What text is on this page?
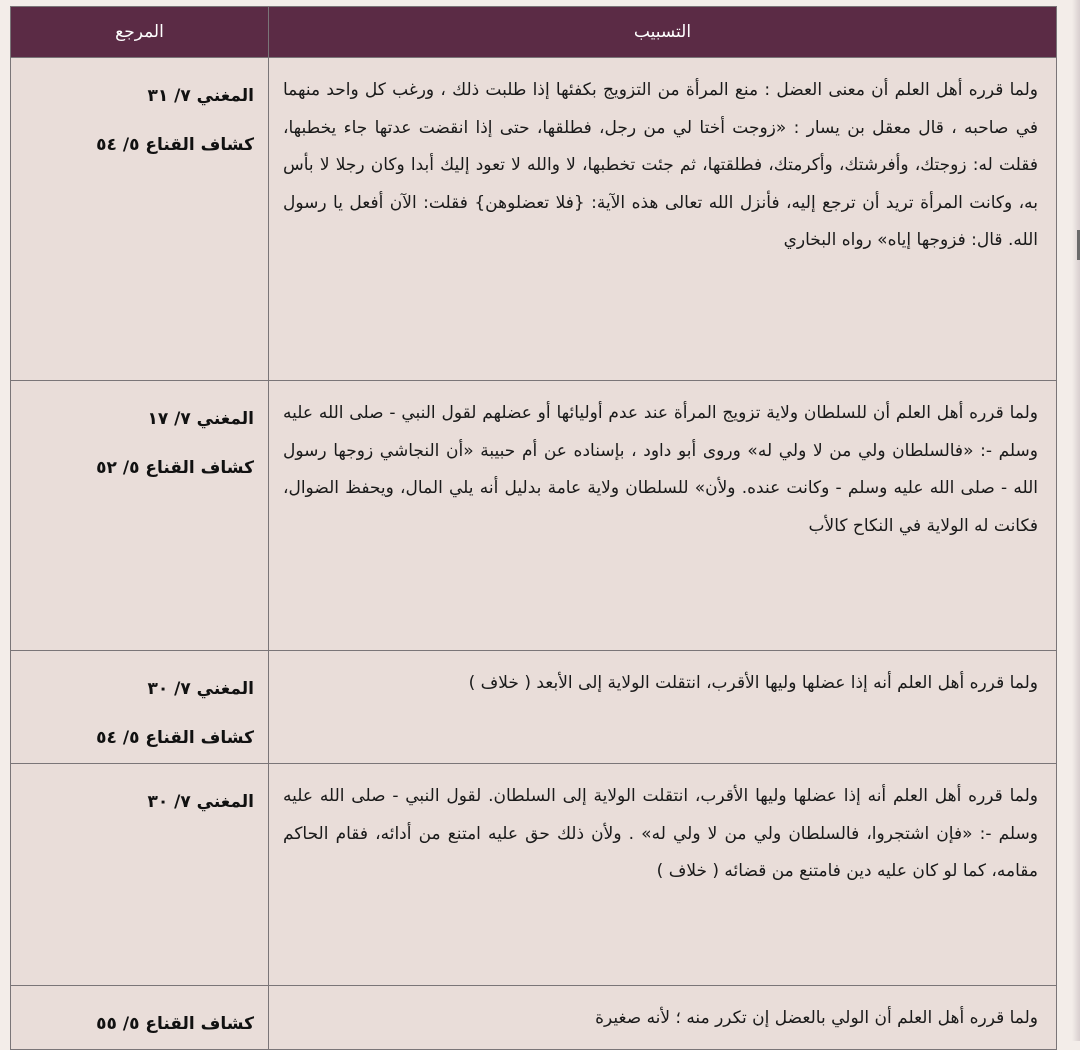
التسبيب	المرجع

ولما قرره أهل العلم أن معنى العضل : منع المرأة من التزويج بكفئها إذا طلبت ذلك ، ورغب كل واحد منهما في صاحبه ، قال معقل بن يسار : «زوجت أختا لي من رجل، فطلقها، حتى إذا انقضت عدتها جاء يخطبها، فقلت له: زوجتك، وأفرشتك، وأكرمتك، فطلقتها، ثم جئت تخطبها، لا والله لا تعود إليك أبدا وكان رجلا لا بأس به، وكانت المرأة تريد أن ترجع إليه، فأنزل الله تعالى هذه الآية: {فلا تعضلوهن} فقلت: الآن أفعل يا رسول الله. قال: فزوجها إياه» رواه البخاري	المغني ٧/ ٣١
كشاف القناع ٥/ ٥٤

ولما قرره أهل العلم أن للسلطان ولاية تزويج المرأة عند عدم أوليائها أو عضلهم لقول النبي - صلى الله عليه وسلم -: «فالسلطان ولي من لا ولي له» وروى أبو داود ، بإسناده عن أم حبيبة «أن النجاشي زوجها رسول الله - صلى الله عليه وسلم - وكانت عنده. ولأن» للسلطان ولاية عامة بدليل أنه يلي المال، ويحفظ الضوال، فكانت له الولاية في النكاح كالأب	المغني ٧/ ١٧
كشاف القناع ٥/ ٥٢

ولما قرره أهل العلم أنه إذا عضلها وليها الأقرب، انتقلت الولاية إلى الأبعد ( خلاف )	المغني ٧/ ٣٠
كشاف القناع ٥/ ٥٤

ولما قرره أهل العلم أنه إذا عضلها وليها الأقرب، انتقلت الولاية إلى السلطان. لقول النبي - صلى الله عليه وسلم -: «فإن اشتجروا، فالسلطان ولي من لا ولي له» . ولأن ذلك حق عليه امتنع من أدائه، فقام الحاكم مقامه، كما لو كان عليه دين فامتنع من قضائه ( خلاف )	المغني ٧/ ٣٠

ولما قرره أهل العلم أن الولي بالعضل إن تكرر منه ؛ لأنه صغيرة	كشاف القناع ٥/ ٥٥
